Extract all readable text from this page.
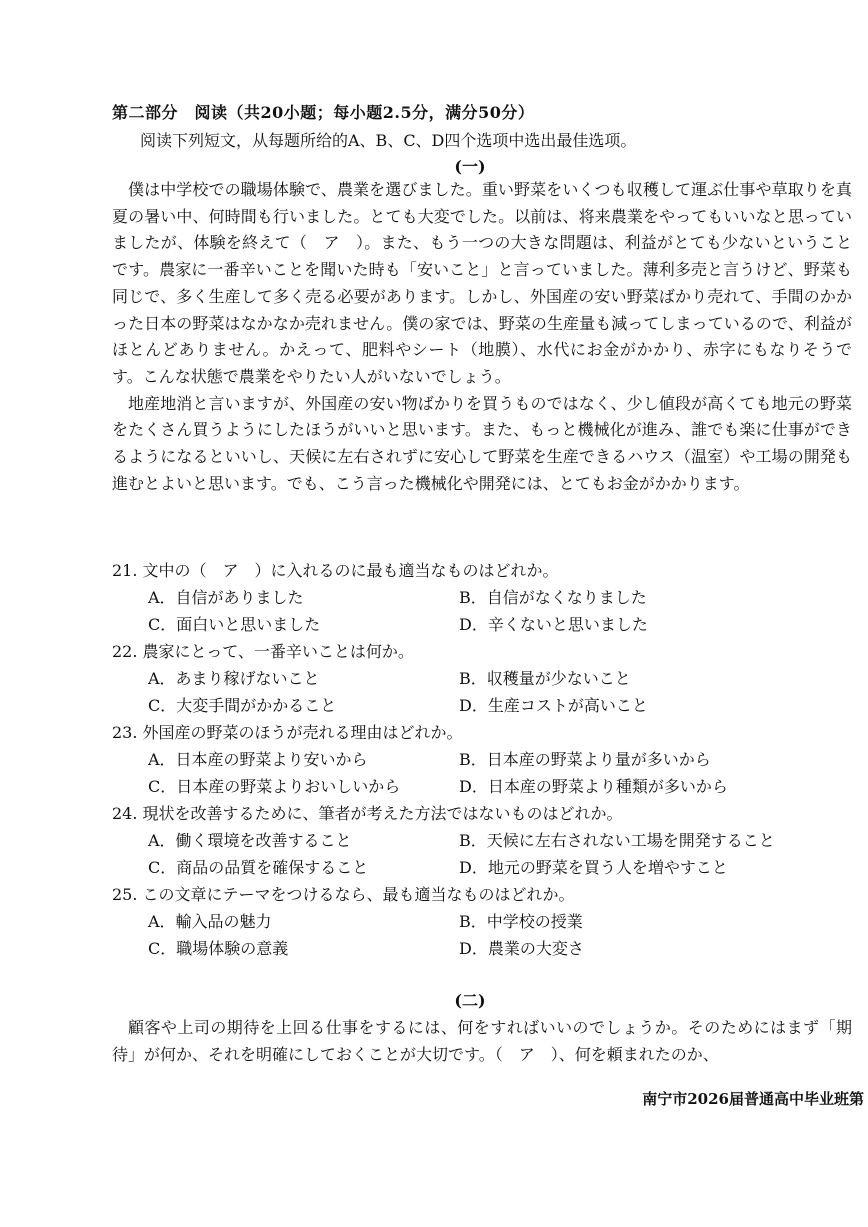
第二部分　阅读（共20小题；每小题2.5分，满分50分）
阅读下列短文，从每题所给的A、B、C、D四个选项中选出最佳选项。
(一)

僕は中学校での職場体験で、農業を選びました。重い野菜をいくつも収穫して運ぶ仕事や草取りを真夏の暑い中、何時間も行いました。とても大変でした。以前は、将来農業をやってもいいなと思っていましたが、体験を終えて（　ア　）。また、もう一つの大きな問題は、利益がとても少ないということです。農家に一番辛いことを聞いた時も「安いこと」と言っていました。薄利多売と言うけど、野菜も同じで、多く生産して多く売る必要があります。しかし、外国産の安い野菜ばかり売れて、手間のかかった日本の野菜はなかなか売れません。僕の家では、野菜の生産量も減ってしまっているので、利益がほとんどありません。かえって、肥料やシート（地膜）、水代にお金がかかり、赤字にもなりそうです。こんな状態で農業をやりたい人がいないでしょう。

地産地消と言いますが、外国産の安い物ばかりを買うものではなく、少し値段が高くても地元の野菜をたくさん買うようにしたほうがいいと思います。また、もっと機械化が進み、誰でも楽に仕事ができるようになるといいし、天候に左右されずに安心して野菜を生産できるハウス（温室）や工場の開発も進むとよいと思います。でも、こう言った機械化や開発には、とてもお金がかかります。

21. 文中の（　ア　）に入れるのに最も適当なものはどれか。
A．自信がありました	B．自信がなくなりました
C．面白いと思いました	D．辛くないと思いました
22. 農家にとって、一番辛いことは何か。
A．あまり稼げないこと	B．収穫量が少ないこと
C．大変手間がかかること	D．生産コストが高いこと
23. 外国産の野菜のほうが売れる理由はどれか。
A．日本産の野菜より安いから	B．日本産の野菜より量が多いから
C．日本産の野菜よりおいしいから	D．日本産の野菜より種類が多いから
24. 現状を改善するために、筆者が考えた方法ではないものはどれか。
A．働く環境を改善すること	B．天候に左右されない工場を開発すること
C．商品の品質を確保すること	D．地元の野菜を買う人を増やすこと
25. この文章にテーマをつけるなら、最も適当なものはどれか。
A．輸入品の魅力	B．中学校の授業
C．職場体験の意義	D．農業の大変さ
(二)

顧客や上司の期待を上回る仕事をするには、何をすればいいのでしょうか。そのためにはまず「期待」が何か、それを明確にしておくことが大切です。（　ア　）、何を頼まれたのか、

南宁市2026届普通高中毕业班第
